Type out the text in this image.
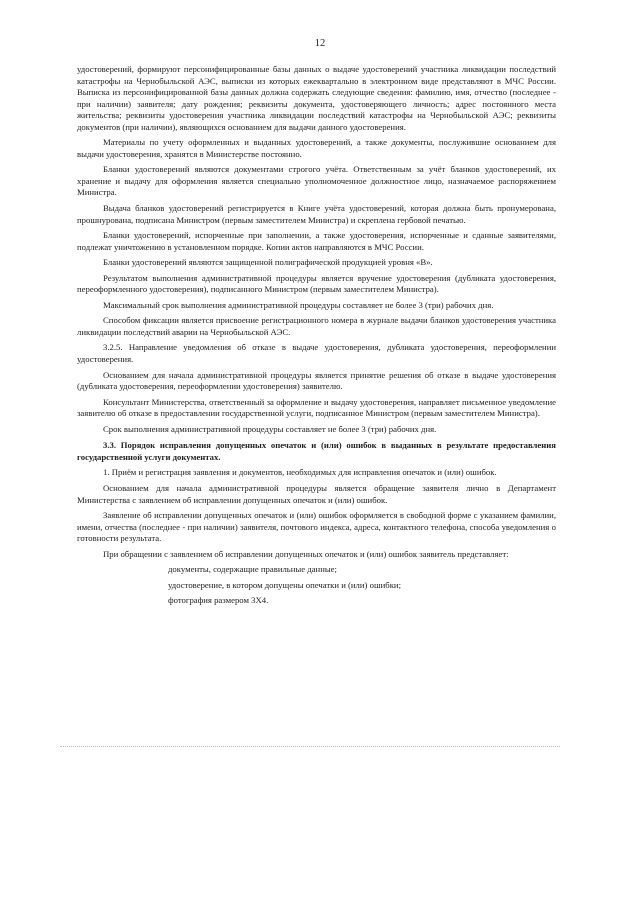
12

удостоверений, формируют персонифицированные базы данных о выдаче удостоверений участника ликвидации последствий катастрофы на Чернобыльской АЭС, выписки из которых ежеквартально в электронном виде представляют в МЧС России. Выписка из персонифицированной базы данных должна содержать следующие сведения: фамилию, имя, отчество (последнее - при наличии) заявителя; дату рождения; реквизиты документа, удостоверяющего личность; адрес постоянного места жительства; реквизиты удостоверения участника ликвидации последствий катастрофы на Чернобыльской АЭС; реквизиты документов (при наличии), являющихся основанием для выдачи данного удостоверения.

Материалы по учету оформленных и выданных удостоверений, а также документы, послужившие основанием для выдачи удостоверения, хранятся в Министерстве постоянно.

Бланки удостоверений являются документами строгого учёта. Ответственным за учёт бланков удостоверений, их хранение и выдачу для оформления является специально уполномоченное должностное лицо, назначаемое распоряжением Министра.

Выдача бланков удостоверений регистрируется в Книге учёта удостоверений, которая должна быть пронумерована, прошнурована, подписана Министром (первым заместителем Министра) и скреплена гербовой печатью.

Бланки удостоверений, испорченные при заполнении, а также удостоверения, испорченные и сданные заявителями, подлежат уничтожению в установленном порядке. Копии актов направляются в МЧС России.

Бланки удостоверений являются защищенной полиграфической продукцией уровня «В».

Результатом выполнения административной процедуры является вручение удостоверения (дубликата удостоверения, переоформленного удостоверения), подписанного Министром (первым заместителем Министра).

Максимальный срок выполнения административной процедуры составляет не более 3 (три) рабочих дня.

Способом фиксации является присвоение регистрационного номера в журнале выдачи бланков удостоверения участника ликвидации последствий аварии на Чернобыльской АЭС.

3.2.5. Направление уведомления об отказе в выдаче удостоверения, дубликата удостоверения, переоформлении удостоверения.

Основанием для начала административной процедуры является принятие решения об отказе в выдаче удостоверения (дубликата удостоверения, переоформлении удостоверения) заявителю.

Консультант Министерства, ответственный за оформление и выдачу удостоверения, направляет письменное уведомление заявителю об отказе в предоставлении государственной услуги, подписанное Министром (первым заместителем Министра).

Срок выполнения административной процедуры составляет не более 3 (три) рабочих дня.

3.3. Порядок исправления допущенных опечаток и (или) ошибок в выданных в результате предоставления государственной услуги документах.

1. Приём и регистрация заявления и документов, необходимых для исправления опечаток и (или) ошибок.

Основанием для начала административной процедуры является обращение заявителя лично в Департамент Министерства с заявлением об исправлении допущенных опечаток и (или) ошибок.

Заявление об исправлении допущенных опечаток и (или) ошибок оформляется в свободной форме с указанием фамилии, имени, отчества (последнее - при наличии) заявителя, почтового индекса, адреса, контактного телефона, способа уведомления о готовности результата.

При обращении с заявлением об исправлении допущенных опечаток и (или) ошибок заявитель представляет:

документы, содержащие правильные данные;

удостоверение, в котором допущены опечатки и (или) ошибки;

фотография размером 3Х4.
